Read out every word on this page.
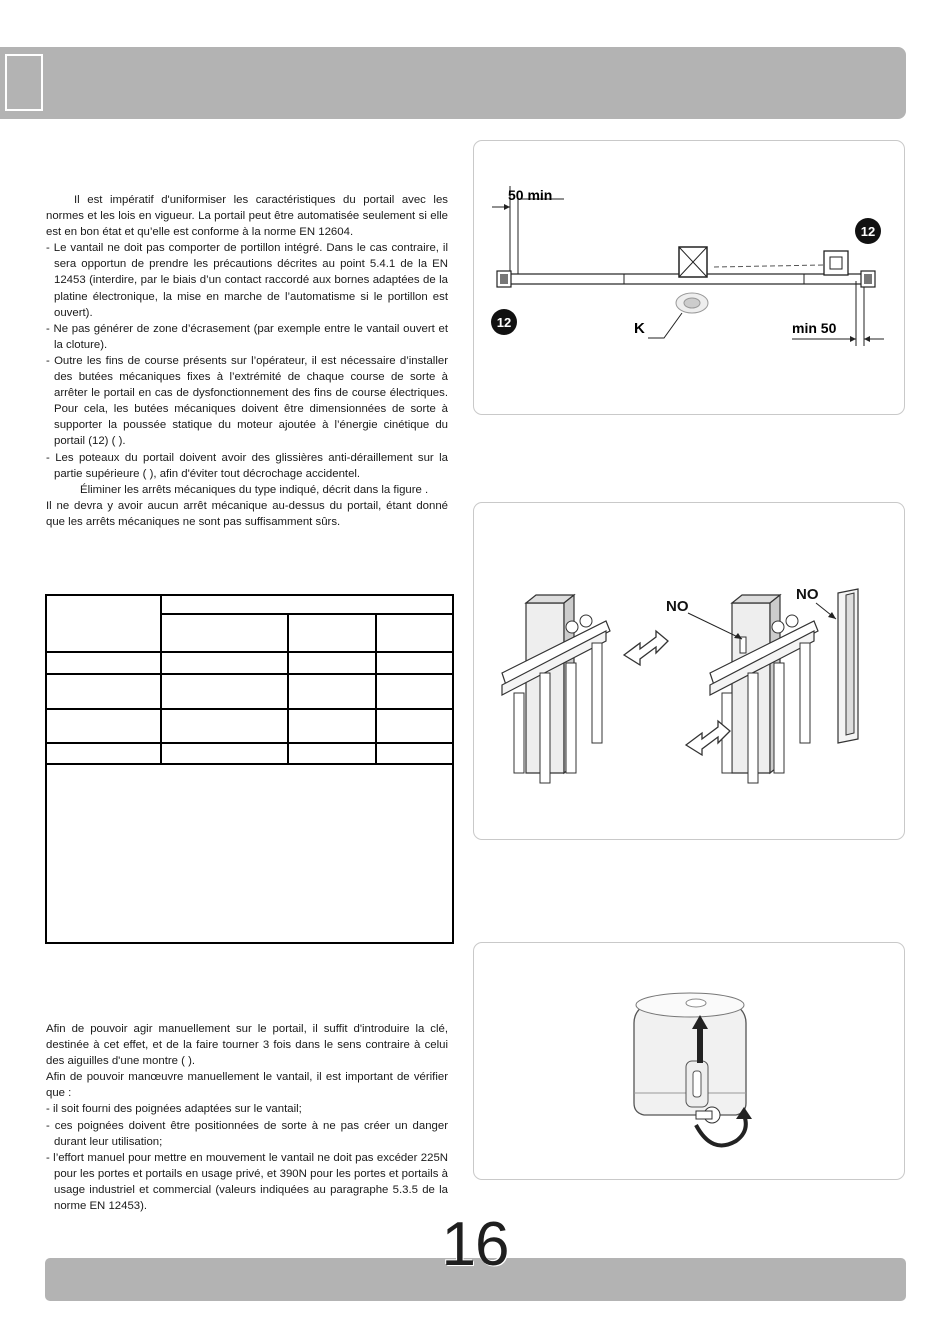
Il est impératif d'uniformiser les caractéristiques du portail avec les normes et les lois en vigueur. La portail peut être automatisée seulement si elle est en bon état et qu’elle est conforme à la norme EN 12604.

- Le vantail ne doit pas comporter de portillon intégré. Dans le cas contraire, il sera opportun de prendre les précautions décrites au point 5.4.1 de la EN 12453 (interdire, par le biais d’un contact raccordé aux bornes adaptées de la platine électronique, la mise en marche de l’automatisme si le portillon est ouvert).

- Ne pas générer de zone d’écrasement (par exemple entre le vantail ouvert et la cloture).

- Outre les fins de course présents sur l’opérateur, il est nécessaire d’installer des butées mécaniques fixes à l’extrémité de chaque course de sorte à arrêter le portail en cas de dysfonctionnement des fins de course électriques. Pour cela, les butées mécaniques doivent être dimensionnées de sorte à supporter la poussée statique du moteur ajoutée à l’énergie cinétique du portail (12) ( ).

- Les poteaux du portail doivent avoir des glissières anti-déraillement sur la partie supérieure ( ), afin d'éviter tout décrochage accidentel.

Éliminer les arrêts mécaniques du type indiqué, décrit dans la figure .

Il ne devra y avoir aucun arrêt mécanique au-dessus du portail, étant donné que les arrêts mécaniques ne sont pas suffisamment sûrs.

Afin de pouvoir agir manuellement sur le portail, il suffit d'introduire la clé, destinée à cet effet, et de la faire tourner 3 fois dans le sens contraire à celui des aiguilles d'une montre ( ).

Afin de pouvoir manœuvre manuellement le vantail, il est important de vérifier que :

- il soit fourni des poignées adaptées sur le vantail;

- ces poignées doivent être positionnées de sorte à ne pas créer un danger durant leur utilisation;

- l’effort manuel pour mettre en mouvement le vantail ne doit pas excéder 225N pour les portes et portails en usage privé, et 390N pour les portes et portails à usage industriel et commercial (valeurs indiquées au paragraphe 5.3.5 de la norme EN 12453).

50 min
min 50
K
12
12
NO
NO
16
